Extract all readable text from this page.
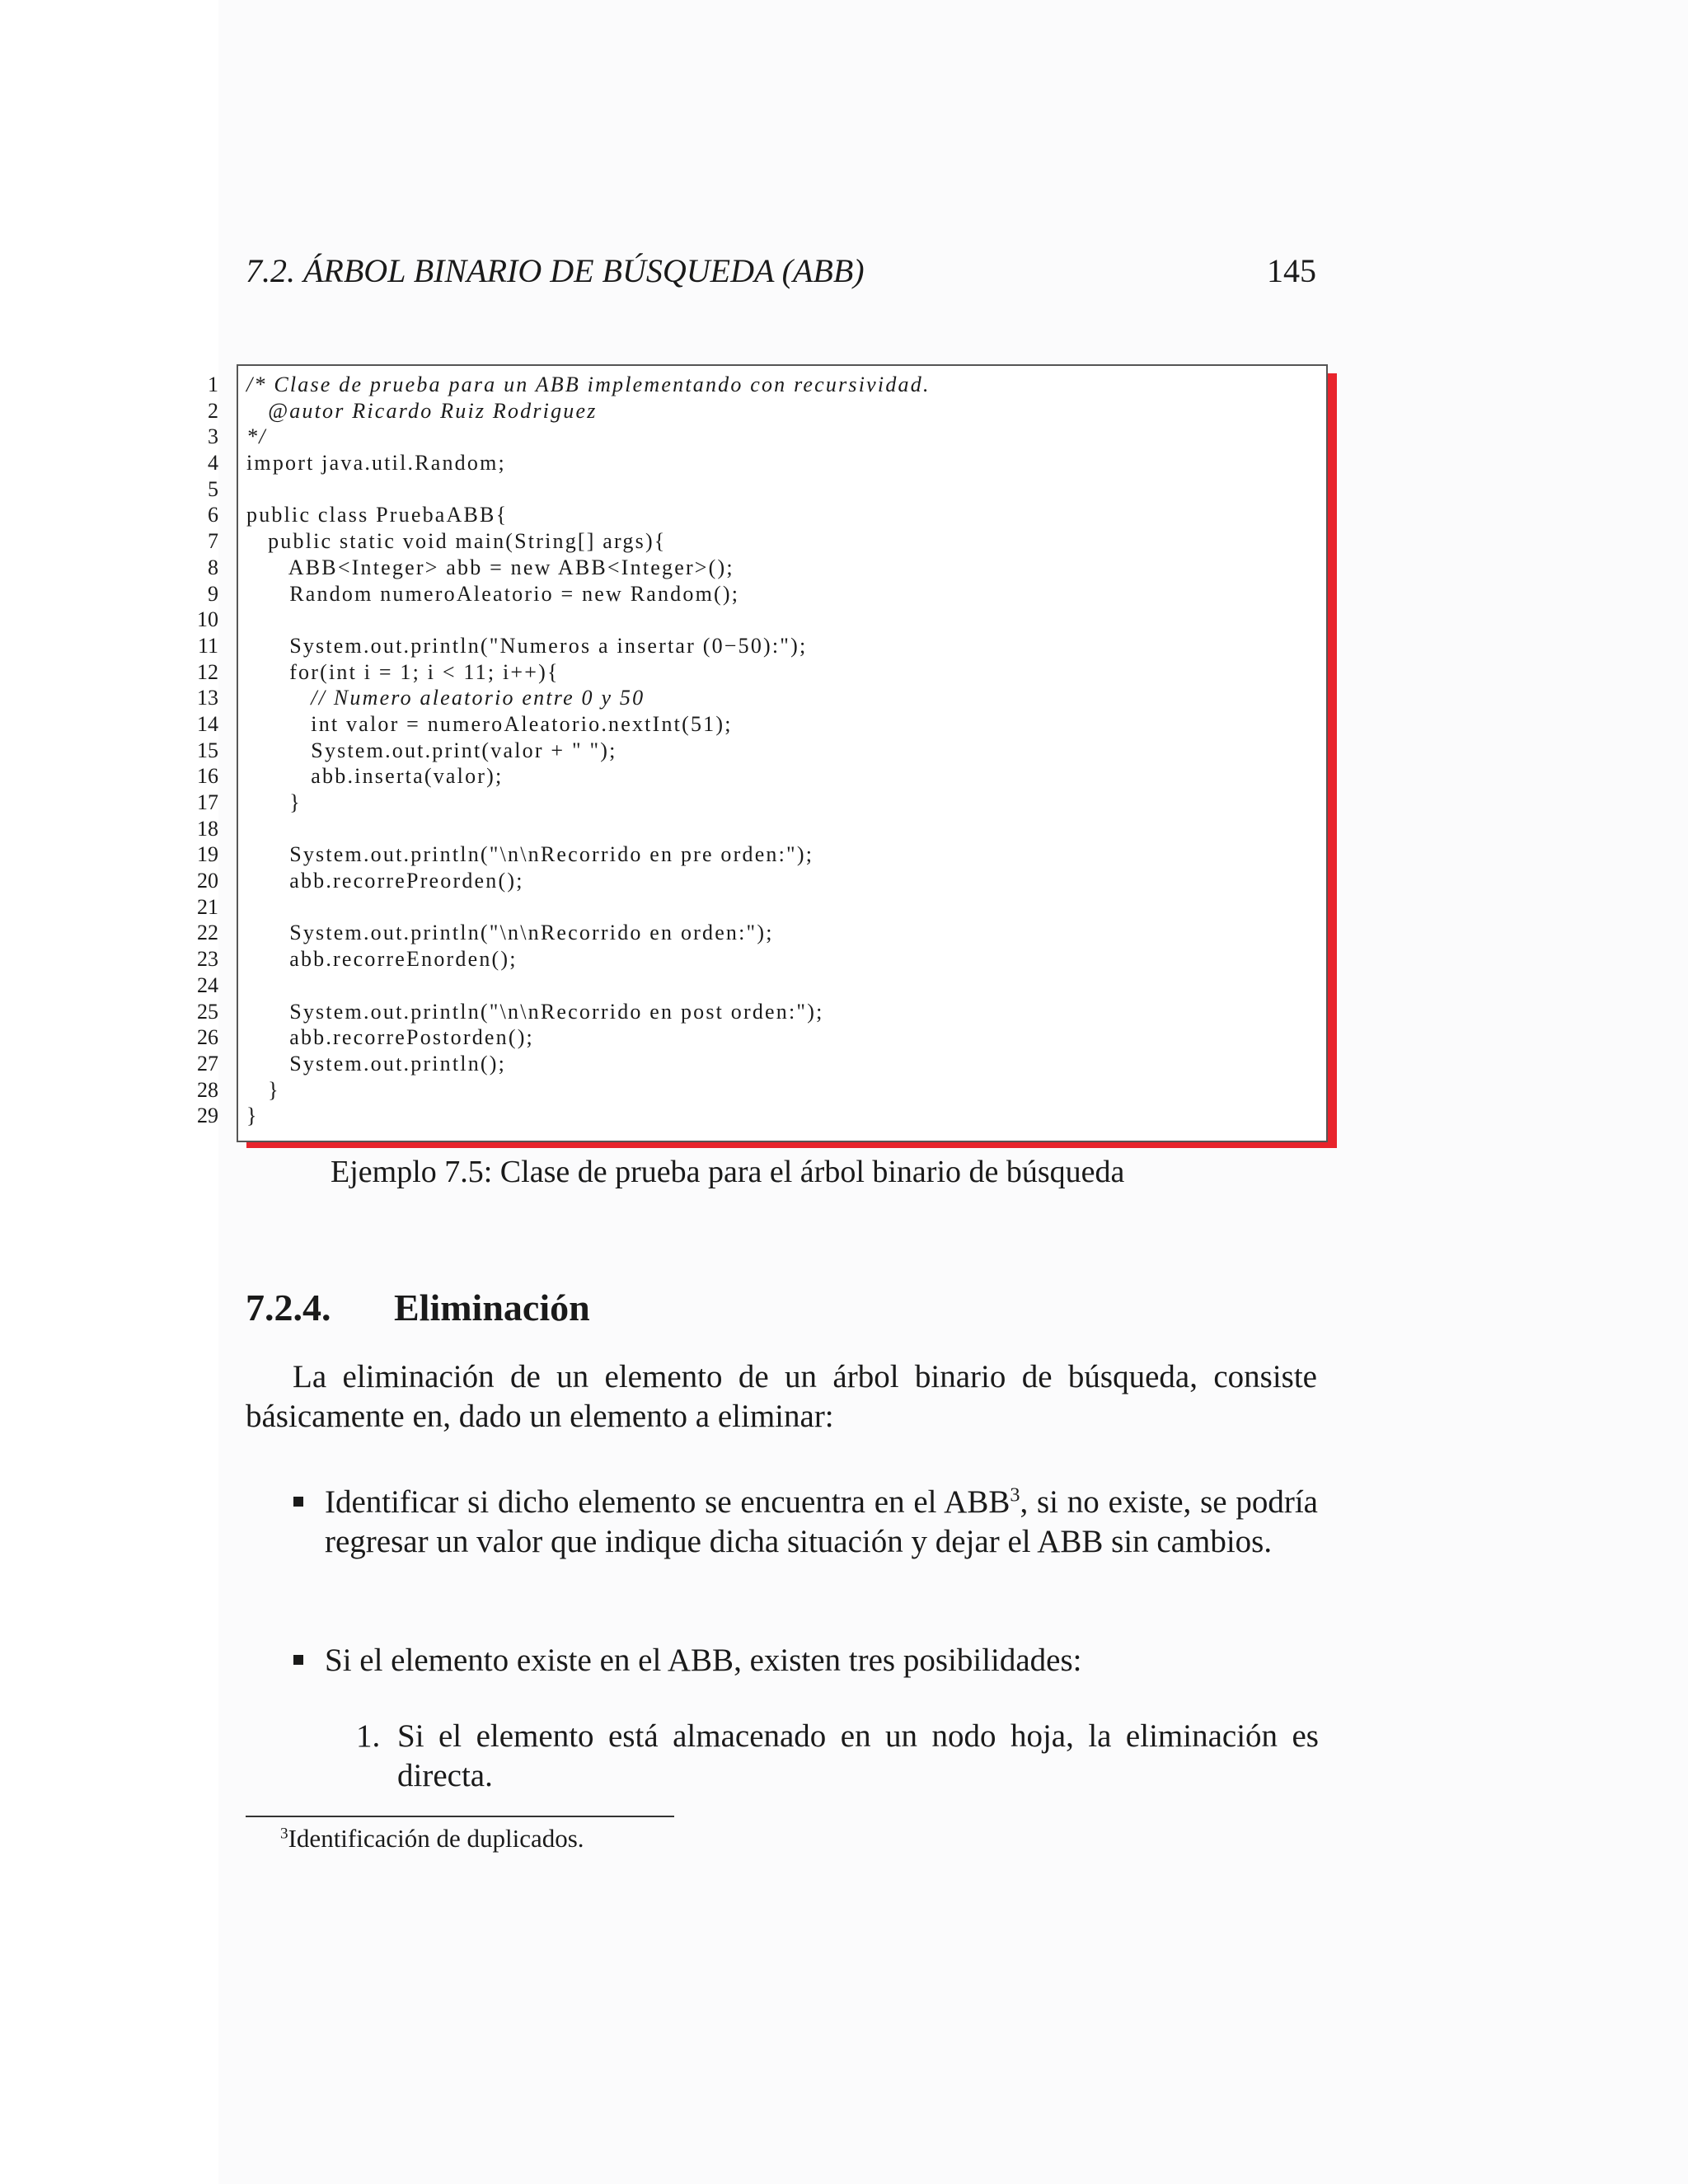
7.2. ÁRBOL BINARIO DE BÚSQUEDA (ABB)	145
1
2
3
4
5
6
7
8
9
10
11
12
13
14
15
16
17
18
19
20
21
22
23
24
25
26
27
28
29
/* Clase de prueba para un ABB implementando con recursividad.
@autor Ricardo Ruiz Rodriguez
*/
import java.util.Random;
public class PruebaABB{
public static void main(String[] args){
ABB<Integer> abb = new ABB<Integer>();
Random numeroAleatorio = new Random();
System.out.println("Numeros a insertar (0−50):");
for(int i = 1; i < 11; i++){
// Numero aleatorio entre 0 y 50
int valor = numeroAleatorio.nextInt(51);
System.out.print(valor + " ");
abb.inserta(valor);
}
System.out.println("\n\nRecorrido en pre orden:");
abb.recorrePreorden();
System.out.println("\n\nRecorrido en orden:");
abb.recorreEnorden();
System.out.println("\n\nRecorrido en post orden:");
abb.recorrePostorden();
System.out.println();
}
}
Ejemplo 7.5: Clase de prueba para el árbol binario de búsqueda
7.2.4. Eliminación
La eliminación de un elemento de un árbol binario de búsqueda, consiste básicamente en, dado un elemento a eliminar:
Identificar si dicho elemento se encuentra en el ABB$^3$, si no existe, se podría regresar un valor que indique dicha situación y dejar el ABB sin cambios.
Si el elemento existe en el ABB, existen tres posibilidades:
1. Si el elemento está almacenado en un nodo hoja, la eliminación es directa.
$^3$Identificación de duplicados.
